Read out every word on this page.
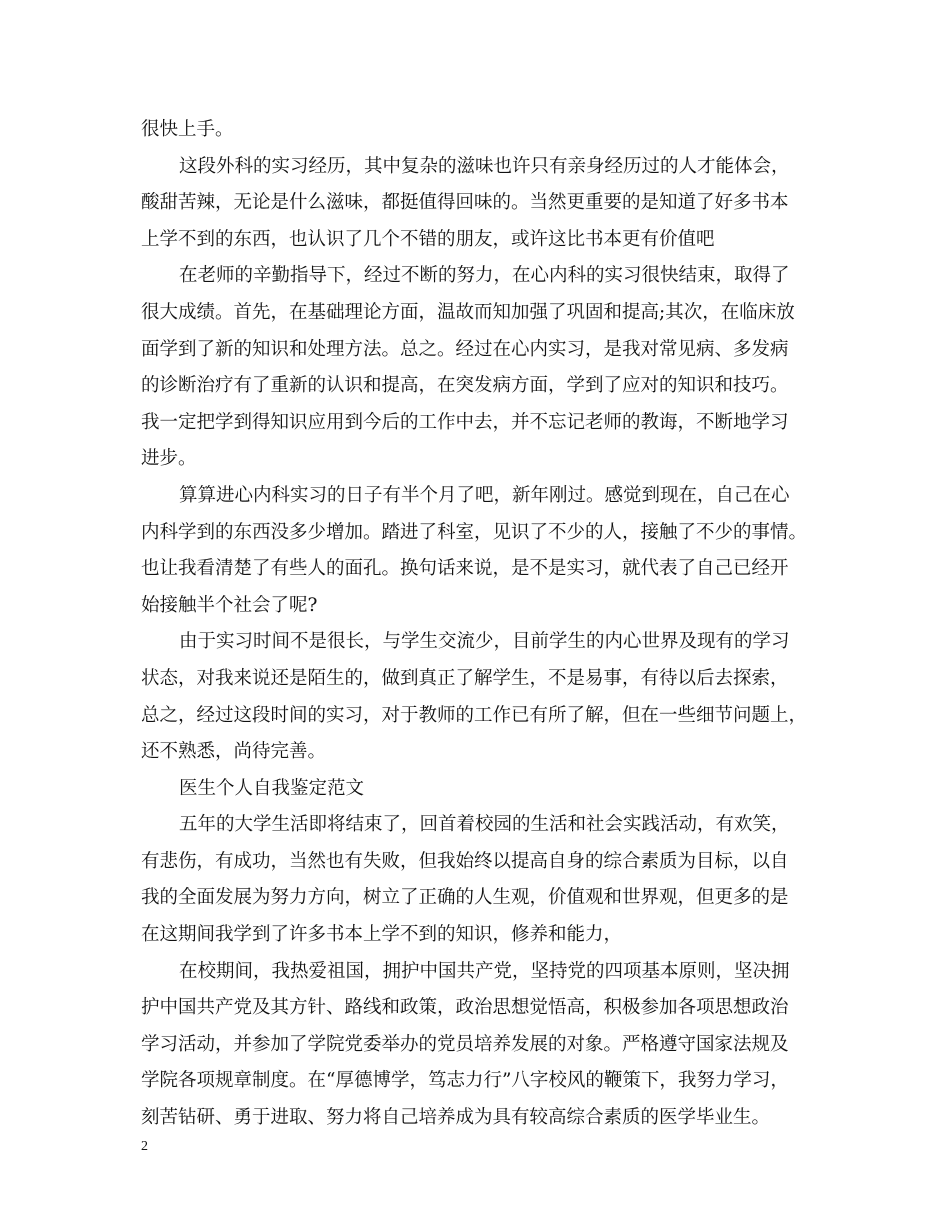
很快上手。
这段外科的实习经历，其中复杂的滋味也许只有亲身经历过的人才能体会，
酸甜苦辣，无论是什么滋味，都挺值得回味的。当然更重要的是知道了好多书本
上学不到的东西，也认识了几个不错的朋友，或许这比书本更有价值吧
在老师的辛勤指导下，经过不断的努力，在心内科的实习很快结束，取得了
很大成绩。首先，在基础理论方面，温故而知加强了巩固和提高;其次，在临床放
面学到了新的知识和处理方法。总之。经过在心内实习，是我对常见病、多发病
的诊断治疗有了重新的认识和提高，在突发病方面，学到了应对的知识和技巧。
我一定把学到得知识应用到今后的工作中去，并不忘记老师的教诲，不断地学习
进步。
算算进心内科实习的日子有半个月了吧，新年刚过。感觉到现在，自己在心
内科学到的东西没多少增加。踏进了科室，见识了不少的人，接触了不少的事情。
也让我看清楚了有些人的面孔。换句话来说，是不是实习，就代表了自己已经开
始接触半个社会了呢?
由于实习时间不是很长，与学生交流少，目前学生的内心世界及现有的学习
状态，对我来说还是陌生的，做到真正了解学生，不是易事，有待以后去探索，
总之，经过这段时间的实习，对于教师的工作已有所了解，但在一些细节问题上，
还不熟悉，尚待完善。
医生个人自我鉴定范文
五年的大学生活即将结束了，回首着校园的生活和社会实践活动，有欢笑，
有悲伤，有成功，当然也有失败，但我始终以提高自身的综合素质为目标，以自
我的全面发展为努力方向，树立了正确的人生观，价值观和世界观，但更多的是
在这期间我学到了许多书本上学不到的知识，修养和能力，
在校期间，我热爱祖国，拥护中国共产党，坚持党的四项基本原则，坚决拥
护中国共产党及其方针、路线和政策，政治思想觉悟高，积极参加各项思想政治
学习活动，并参加了学院党委举办的党员培养发展的对象。严格遵守国家法规及
学院各项规章制度。在“厚德博学，笃志力行”八字校风的鞭策下，我努力学习，
刻苦钻研、勇于进取、努力将自己培养成为具有较高综合素质的医学毕业生。
2
